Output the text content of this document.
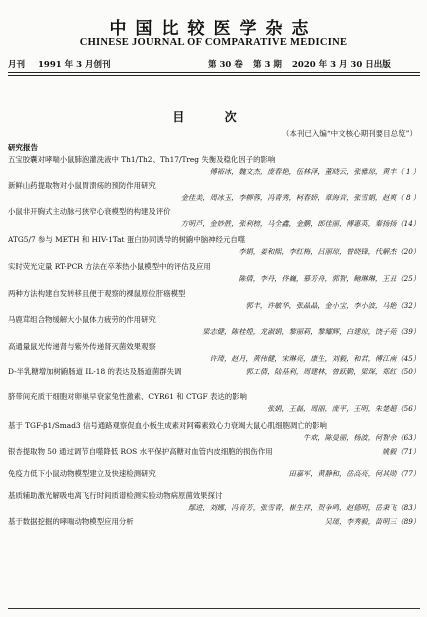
中国比较医学杂志
CHINESE JOURNAL OF COMPARATIVE MEDICINE
月刊 1991 年 3 月创刊	第 30 卷 第 3 期 2020 年 3 月 30 日出版
目 次
（本刊已入编“中文核心期刊要目总览”）
研究报告
五宝胶囊对哮喘小鼠肺泡灌洗液中 Th1/Th2、Th17/Treg 失衡及稳化因子的影响
傅裕冰，魏文杰，庞春艳，伍林泽，董晓云，张雅琼，黄丰（ 1 ）
新鲜山药提取物对小鼠胃溃疡的预防作用研究
金佳美，周冰玉，李柳蓉，冯青秀，柯春娇，章海音，张雪娟，赵爽（ 8 ）
小鼠非开胸式主动脉弓狭窄心衰模型的构建及评价
方明芦，金妙胜，张利榜，马全鑫，金鹏，郎佳丽，傅惠英，秦扬扬（14）
ATG5/7 参与 METH 和 HIV-1Tat 蛋白协同诱导的树鼩中脑神经元自噬
李娟，姜和熙，李红梅，吕丽琼，曾晓锋，代解杰（20）
实时荧光定量 RT-PCR 方法在卒苯热小鼠模型中的评估及应用
陈倩，李丹，佟巍，慕芳舟，郭智，鲍琳琳，王丑（25）
两种方法构建自发转移且便于观察的裸鼠原位肝癌模型
郭丰，许敏华，张晶晶，金小宝，李小波，马艳（32）
马鹿茸组合物缓解大小鼠体力疲劳的作用研究
梁志健，陈桂煌，龙淑娟，黎丽莉，黎耀辉，白建琼，饶子苑（39）
高通量鼠光传递肾与紫外传递肾灭菌效果观察
许琦，赵月，黄伟健，宋琳亮，康生，刘毅，和君，傅江南（45）
D-半乳糖增加树鼩肠道 IL-18 的表达及肠道菌群失调	郭工倩，陆基利，周建林，曾跃勤，梁琛，郑红（50）
脐带间充质干细胞对卵巢早衰家兔性激素、CYR61 和 CTGF 表达的影响
张娟，王磊，周丽，庞平，王明，朱楚超（56）
基于 TGF-β1/Smad3 信号通路观察促血小板生成素对阿霉素致心力衰竭大鼠心肌细胞凋亡的影响
牛欢，陈曼丽，杨波，何智余（63）
银杏提取物 50 通过调节自噬降低 ROS 水平保护高糖对血管内皮细胞的损伤作用	姚毅（71）
免疫力低下小鼠动物模型建立及快速检测研究	田嘉军，黄静和，岳高亮，何其勋（77）
基质辅助激光解吸电离飞行时间质谱检测实验动物病原菌效果探讨
鄢进，刘娜，冯育芳，张雪青，崔生祥，贺争鸣，赵德明，岳秉飞（83）
基于数据挖掘的哮喘动物模型应用分析	吴瑶，李秀毅，苗明三（89）
